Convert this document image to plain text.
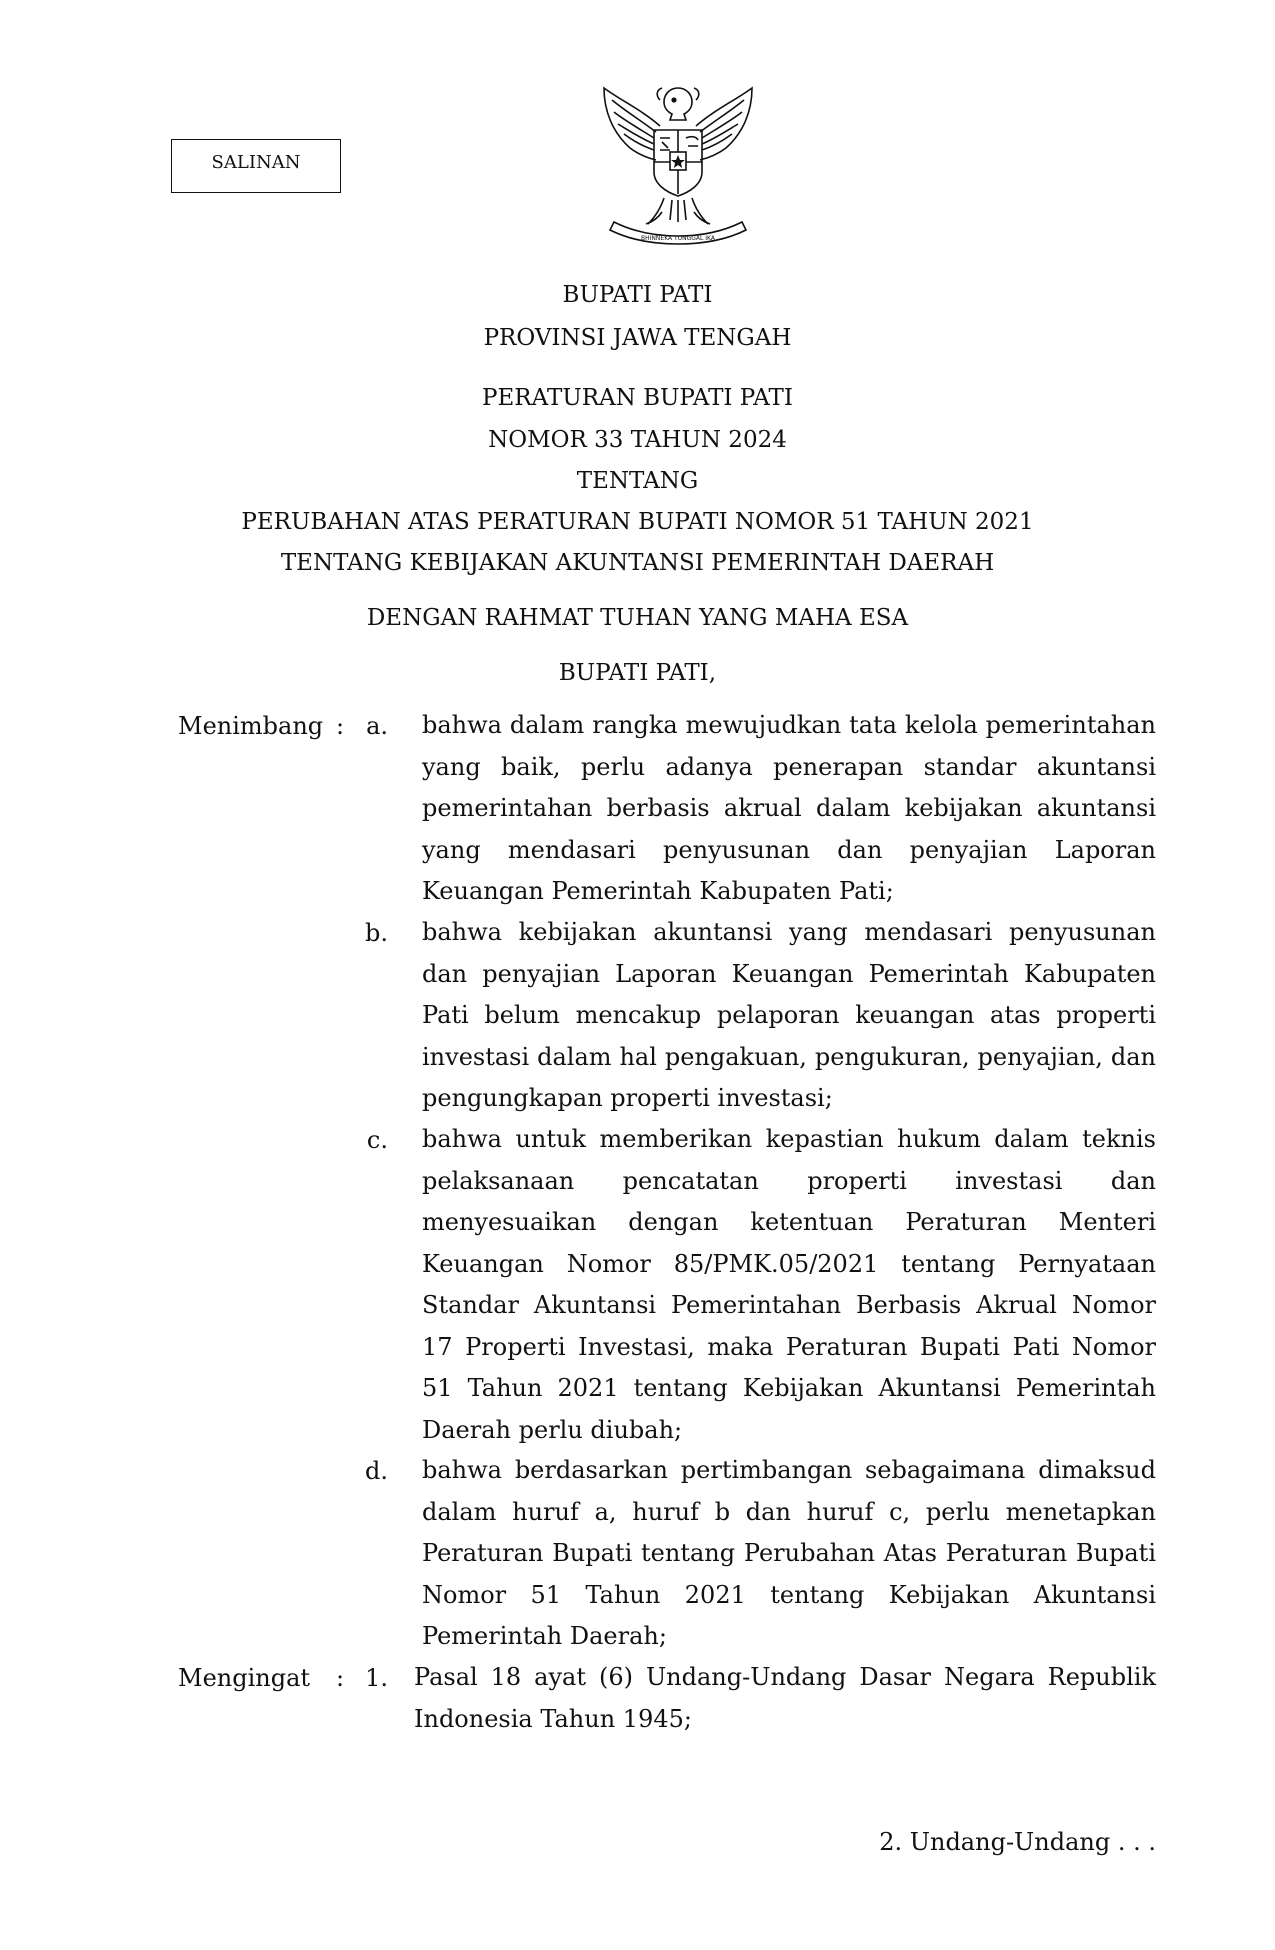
SALINAN
BHINNEKA TUNGGAL IKA
BUPATI PATI
PROVINSI JAWA TENGAH
PERATURAN BUPATI PATI
NOMOR 33 TAHUN 2024
TENTANG
PERUBAHAN ATAS PERATURAN BUPATI NOMOR 51 TAHUN 2021
TENTANG KEBIJAKAN AKUNTANSI PEMERINTAH DAERAH
DENGAN RAHMAT TUHAN YANG MAHA ESA
BUPATI PATI,
Menimbang : a. bahwa dalam rangka mewujudkan tata kelola pemerintahan yang baik, perlu adanya penerapan standar akuntansi pemerintahan berbasis akrual dalam kebijakan akuntansi yang mendasari penyusunan dan penyajian Laporan Keuangan Pemerintah Kabupaten Pati;
b. bahwa kebijakan akuntansi yang mendasari penyusunan dan penyajian Laporan Keuangan Pemerintah Kabupaten Pati belum mencakup pelaporan keuangan atas properti investasi dalam hal pengakuan, pengukuran, penyajian, dan pengungkapan properti investasi;
c. bahwa untuk memberikan kepastian hukum dalam teknis pelaksanaan pencatatan properti investasi dan menyesuaikan dengan ketentuan Peraturan Menteri Keuangan Nomor 85/PMK.05/2021 tentang Pernyataan Standar Akuntansi Pemerintahan Berbasis Akrual Nomor 17 Properti Investasi, maka Peraturan Bupati Pati Nomor 51 Tahun 2021 tentang Kebijakan Akuntansi Pemerintah Daerah perlu diubah;
d. bahwa berdasarkan pertimbangan sebagaimana dimaksud dalam huruf a, huruf b dan huruf c, perlu menetapkan Peraturan Bupati tentang Perubahan Atas Peraturan Bupati Nomor 51 Tahun 2021 tentang Kebijakan Akuntansi Pemerintah Daerah;
Mengingat : 1. Pasal 18 ayat (6) Undang-Undang Dasar Negara Republik Indonesia Tahun 1945;
2. Undang-Undang . . .
